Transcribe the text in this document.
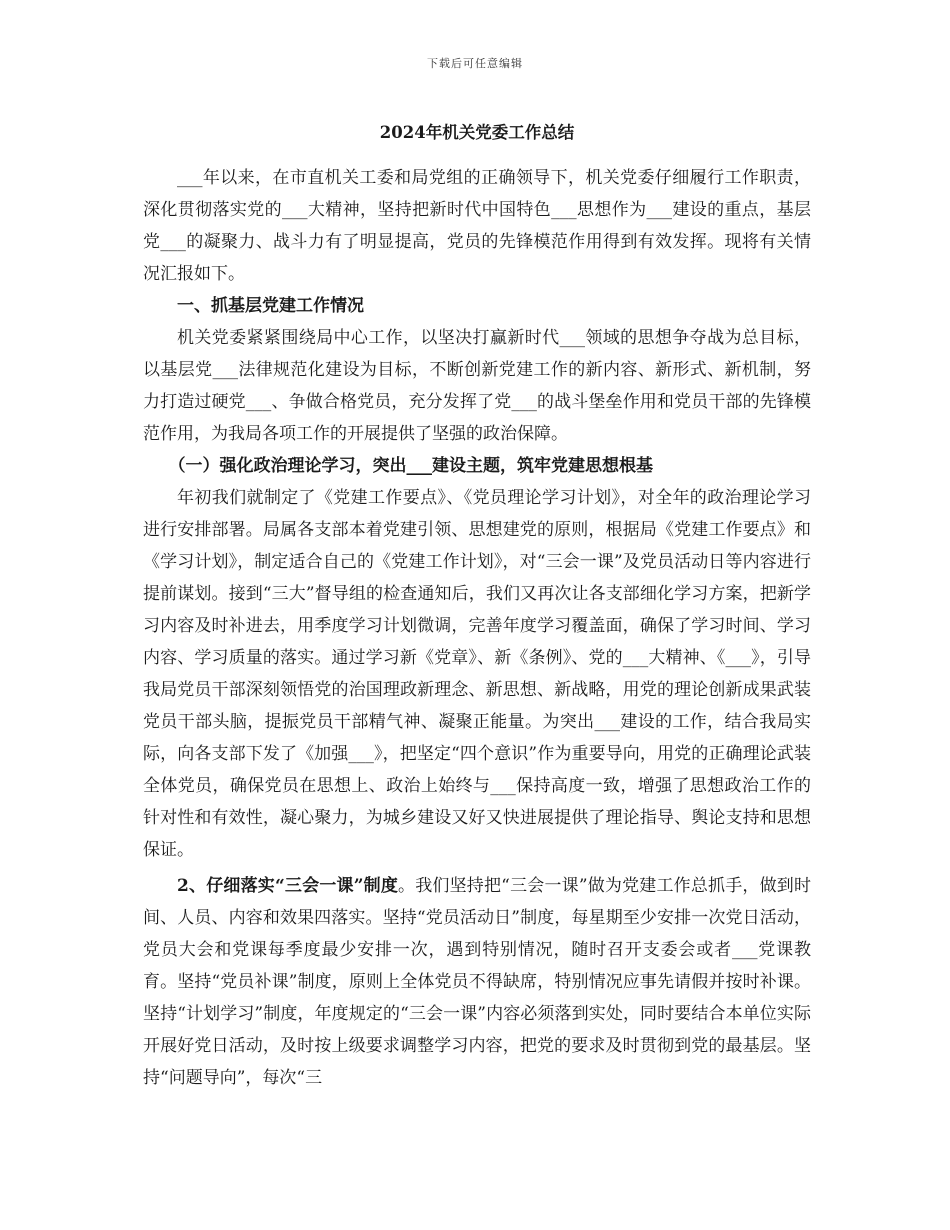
下载后可任意编辑
2024年机关党委工作总结

___年以来，在市直机关工委和局党组的正确领导下，机关党委仔细履行工作职责，深化贯彻落实党的___大精神，坚持把新时代中国特色___思想作为___建设的重点，基层党___的凝聚力、战斗力有了明显提高，党员的先锋模范作用得到有效发挥。现将有关情况汇报如下。

一、抓基层党建工作情况

机关党委紧紧围绕局中心工作，以坚决打赢新时代___领域的思想争夺战为总目标，以基层党___法律规范化建设为目标，不断创新党建工作的新内容、新形式、新机制，努力打造过硬党___、争做合格党员，充分发挥了党___的战斗堡垒作用和党员干部的先锋模范作用，为我局各项工作的开展提供了坚强的政治保障。

（一）强化政治理论学习，突出___建设主题，筑牢党建思想根基

年初我们就制定了《党建工作要点》、《党员理论学习计划》，对全年的政治理论学习进行安排部署。局属各支部本着党建引领、思想建党的原则，根据局《党建工作要点》和《学习计划》，制定适合自己的《党建工作计划》，对“三会一课”及党员活动日等内容进行提前谋划。接到“三大”督导组的检查通知后，我们又再次让各支部细化学习方案，把新学习内容及时补进去，用季度学习计划微调，完善年度学习覆盖面，确保了学习时间、学习内容、学习质量的落实。通过学习新《党章》、新《条例》、党的___大精神、《___》，引导我局党员干部深刻领悟党的治国理政新理念、新思想、新战略，用党的理论创新成果武装党员干部头脑，提振党员干部精气神、凝聚正能量。为突出___建设的工作，结合我局实际，向各支部下发了《加强___》，把坚定“四个意识”作为重要导向，用党的正确理论武装全体党员，确保党员在思想上、政治上始终与___保持高度一致，增强了思想政治工作的针对性和有效性，凝心聚力，为城乡建设又好又快进展提供了理论指导、舆论支持和思想保证。

2、仔细落实“三会一课”制度。我们坚持把“三会一课”做为党建工作总抓手，做到时间、人员、内容和效果四落实。坚持“党员活动日”制度，每星期至少安排一次党日活动，党员大会和党课每季度最少安排一次，遇到特别情况，随时召开支委会或者___党课教育。坚持“党员补课”制度，原则上全体党员不得缺席，特别情况应事先请假并按时补课。坚持“计划学习”制度，年度规定的“三会一课”内容必须落到实处，同时要结合本单位实际开展好党日活动，及时按上级要求调整学习内容，把党的要求及时贯彻到党的最基层。坚持“问题导向”，每次“三
